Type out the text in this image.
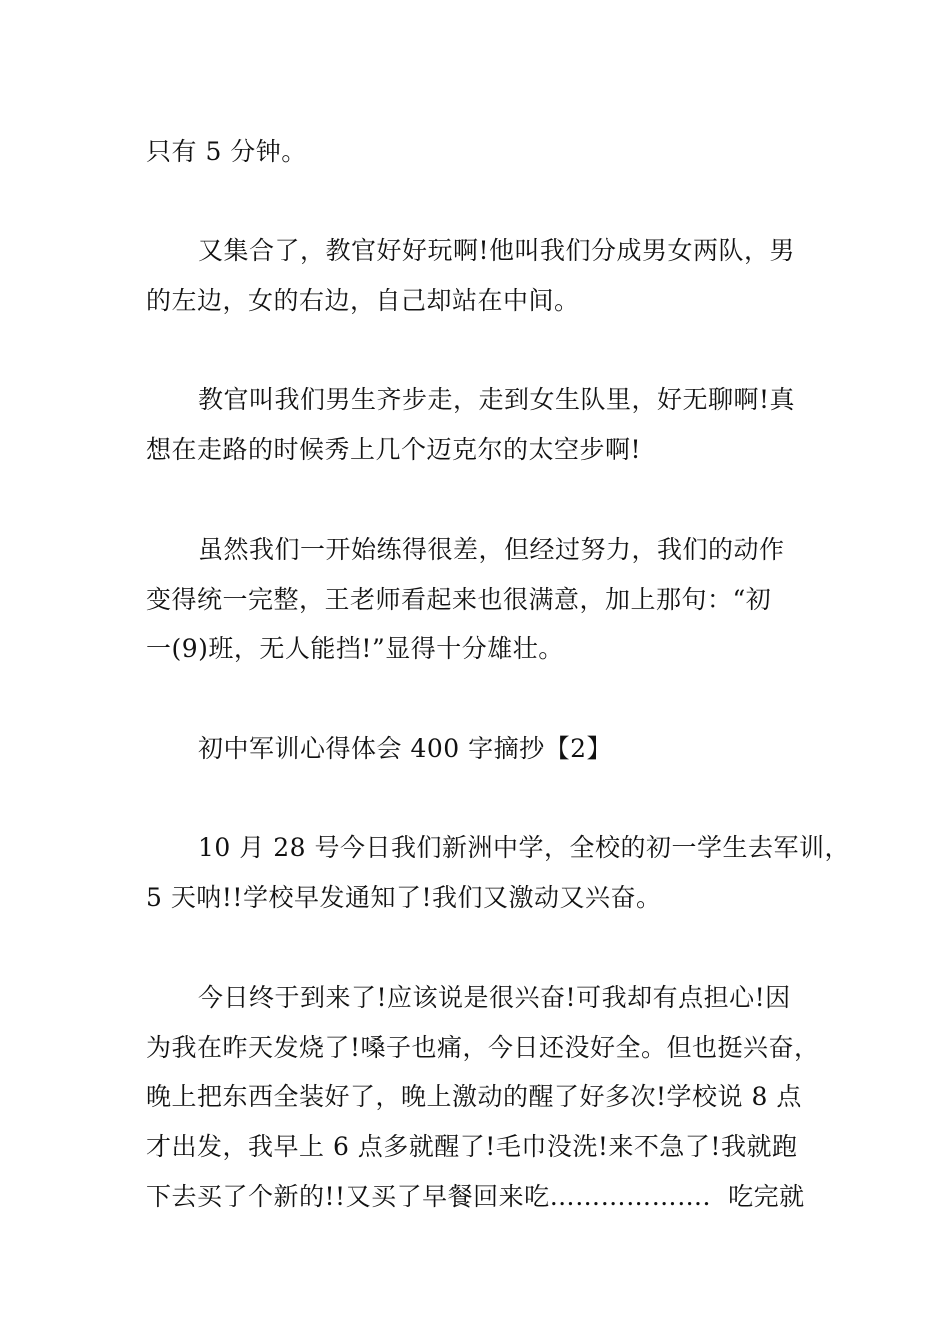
只有 5 分钟。
又集合了，教官好好玩啊!他叫我们分成男女两队，男
的左边，女的右边，自己却站在中间。
教官叫我们男生齐步走，走到女生队里，好无聊啊!真
想在走路的时候秀上几个迈克尔的太空步啊!
虽然我们一开始练得很差，但经过努力，我们的动作
变得统一完整，王老师看起来也很满意，加上那句：“初
一(9)班，无人能挡!”显得十分雄壮。
初中军训心得体会 400 字摘抄【2】
10 月 28 号今日我们新洲中学，全校的初一学生去军训，
5 天呐!!学校早发通知了!我们又激动又兴奋。
今日终于到来了!应该说是很兴奋!可我却有点担心!因
为我在昨天发烧了!嗓子也痛，今日还没好全。但也挺兴奋，
晚上把东西全装好了，晚上激动的醒了好多次!学校说 8 点
才出发，我早上 6 点多就醒了!毛巾没洗!来不急了!我就跑
下去买了个新的!!又买了早餐回来吃………………．吃完就
